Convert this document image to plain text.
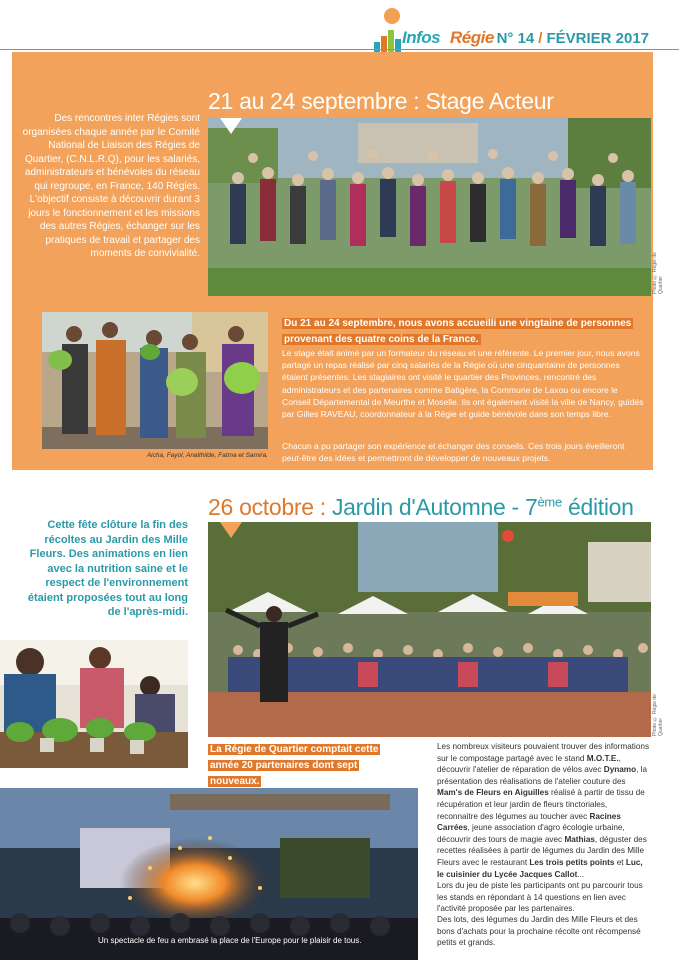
Infos Régie N° 14 / FÉVRIER 2017
21 au 24 septembre : Stage Acteur
Des rencontres inter Régies sont organisées chaque année par le Comité National de Liaison des Régies de Quartier, (C.N.L.R.Q), pour les salariés, administrateurs et bénévoles du réseau qui regroupe, en France, 140 Régies. L'objectif consiste à découvrir durant 3 jours le fonctionnement et les missions des autres Régies, échanger sur les pratiques de travail et partager des moments de convivialité.	Photo © Régie de Quartier
Aicha, Fayol, Analthilde, Fatma et Samira.
Du 21 au 24 septembre, nous avons accueilli une vingtaine de personnes provenant des quatre coins de la France.
Le stage était animé par un formateur du réseau et une référente. Le premier jour, nous avons partagé un repas réalisé par cinq salariés de la Régie où une cinquantaine de personnes étaient présentes. Les stagiaires ont visité le quartier des Provinces, rencontré des administrateurs et des partenaires comme Batigère, la Commune de Laxou ou encore le Conseil Départemental de Meurthe et Moselle. Ils ont également visité la ville de Nancy, guidés par Gilles RAVEAU, coordonnateur à la Régie et guide bénévole dans son temps libre.
Chacun a pu partager son expérience et échanger des conseils. Ces trois jours éveilleront peut-être des idées et permettront de développer de nouveaux projets.
26 octobre : Jardin d'Automne - 7ème édition
Cette fête clôture la fin des récoltes au Jardin des Mille Fleurs. Des animations en lien avec la nutrition saine et le respect de l'environnement étaient proposées tout au long de l'après-midi.
Photo © Régie de Quartier
La Régie de Quartier comptait cette année 20 partenaires dont sept nouveaux.
Un spectacle de feu a embrasé la place de l'Europe pour le plaisir de tous.
Les nombreux visiteurs pouvaient trouver des informations sur le compostage partagé avec le stand M.O.T.E., découvrir l'atelier de réparation de vélos avec Dynamo, la présentation des réalisations de l'atelier couture des Mam's de Fleurs en Aiguilles réalisé à partir de tissu de récupération et leur jardin de fleurs tinctoriales, reconnaitre des légumes au toucher avec Racines Carrées, jeune association d'agro écologie urbaine, découvrir des tours de magie avec Mathias, déguster des recettes réalisées à partir de légumes du Jardin des Mille Fleurs avec le restaurant Les trois petits points et Luc, le cuisinier du Lycée Jacques Callot...
Lors du jeu de piste les participants ont pu parcourir tous les stands en répondant à 14 questions en lien avec l'activité proposée par les partenaires.
Des lots, des légumes du Jardin des Mille Fleurs et des bons d'achats pour la prochaine récolte ont récompensé petits et grands.
